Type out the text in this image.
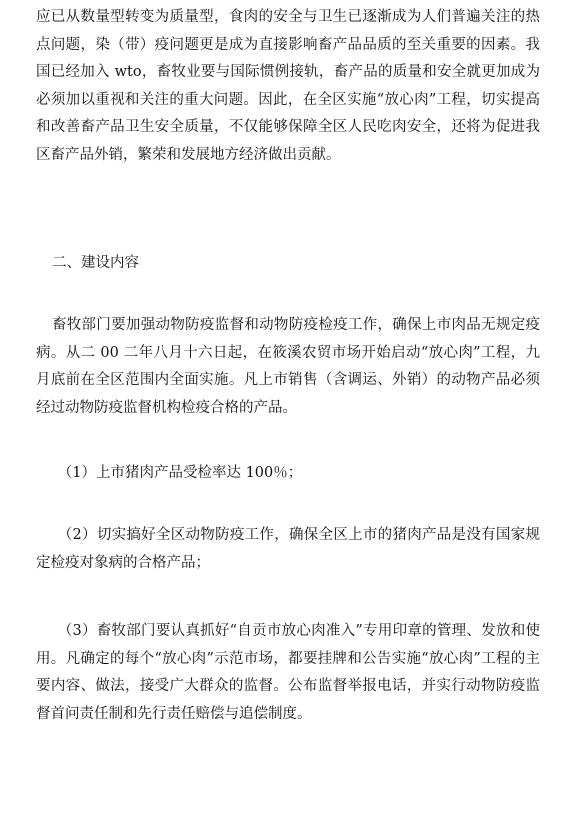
应已从数量型转变为质量型，食肉的安全与卫生已逐渐成为人们普遍关注的热点问题，染（带）疫问题更是成为直接影响畜产品品质的至关重要的因素。我国已经加入 wto，畜牧业要与国际惯例接轨，畜产品的质量和安全就更加成为必须加以重视和关注的重大问题。因此，在全区实施“放心肉”工程，切实提高和改善畜产品卫生安全质量，不仅能够保障全区人民吃肉安全，还将为促进我区畜产品外销，繁荣和发展地方经济做出贡献。

二、建设内容

畜牧部门要加强动物防疫监督和动物防疫检疫工作，确保上市肉品无规定疫病。从二 00 二年八月十六日起，在筱溪农贸市场开始启动“放心肉”工程，九月底前在全区范围内全面实施。凡上市销售（含调运、外销）的动物产品必须经过动物防疫监督机构检疫合格的产品。

（1）上市猪肉产品受检率达 100％；

（2）切实搞好全区动物防疫工作，确保全区上市的猪肉产品是没有国家规定检疫对象病的合格产品；

（3）畜牧部门要认真抓好“自贡市放心肉准入”专用印章的管理、发放和使用。凡确定的每个“放心肉”示范市场，都要挂牌和公告实施“放心肉”工程的主要内容、做法，接受广大群众的监督。公布监督举报电话，并实行动物防疫监督首问责任制和先行责任赔偿与追偿制度。
